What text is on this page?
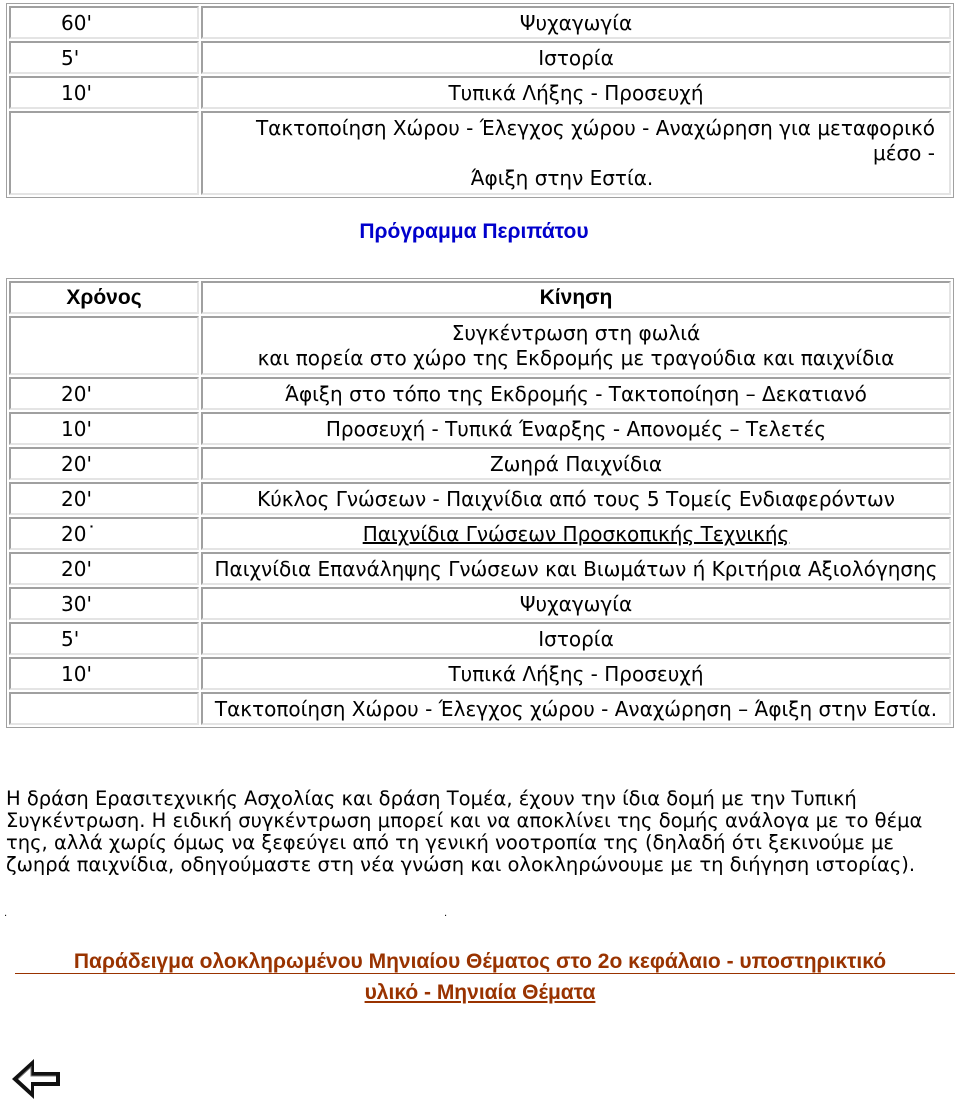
60'	Ψυχαγωγία
5'	Ιστορία
10'	Τυπικά Λήξης - Προσευχή
	Τακτοποίηση Χώρου - Έλεγχος χώρου - Αναχώρηση για μεταφορικό μέσο -
Άφιξη στην Εστία.
Πρόγραμμα Περιπάτου
Χρόνος	Κίνηση
	Συγκέντρωση στη φωλιά
και πορεία στο χώρο της Εκδρομής με τραγούδια και παιχνίδια
20'	Άφιξη στο τόπο της Εκδρομής - Τακτοποίηση – Δεκατιανό
10'	Προσευχή - Τυπικά Έναρξης - Απονομές – Τελετές
20'	Ζωηρά Παιχνίδια
20'	Κύκλος Γνώσεων - Παιχνίδια από τους 5 Τομείς Ενδιαφερόντων
20˙	Παιχνίδια Γνώσεων Προσκοπικής Τεχνικής
20'	Παιχνίδια Επανάληψης Γνώσεων και Βιωμάτων ή Κριτήρια Αξιολόγησης
30'	Ψυχαγωγία
5'	Ιστορία
10'	Τυπικά Λήξης - Προσευχή
	Τακτοποίηση Χώρου - Έλεγχος χώρου - Αναχώρηση – Άφιξη στην Εστία.
Η δράση Ερασιτεχνικής Ασχολίας και δράση Τομέα, έχουν την ίδια δομή με την Τυπική Συγκέντρωση. Η ειδική συγκέντρωση μπορεί και να αποκλίνει της δομής ανάλογα με το θέμα της, αλλά χωρίς όμως να ξεφεύγει από τη γενική νοοτροπία της (δηλαδή ότι ξεκινούμε με ζωηρά παιχνίδια, οδηγούμαστε στη νέα γνώση και ολοκληρώνουμε με τη διήγηση ιστορίας).
·	·
Παράδειγμα ολοκληρωμένου Μηνιαίου Θέματος στο 2ο κεφάλαιο - υποστηρικτικό
υλικό - Μηνιαία Θέματα
